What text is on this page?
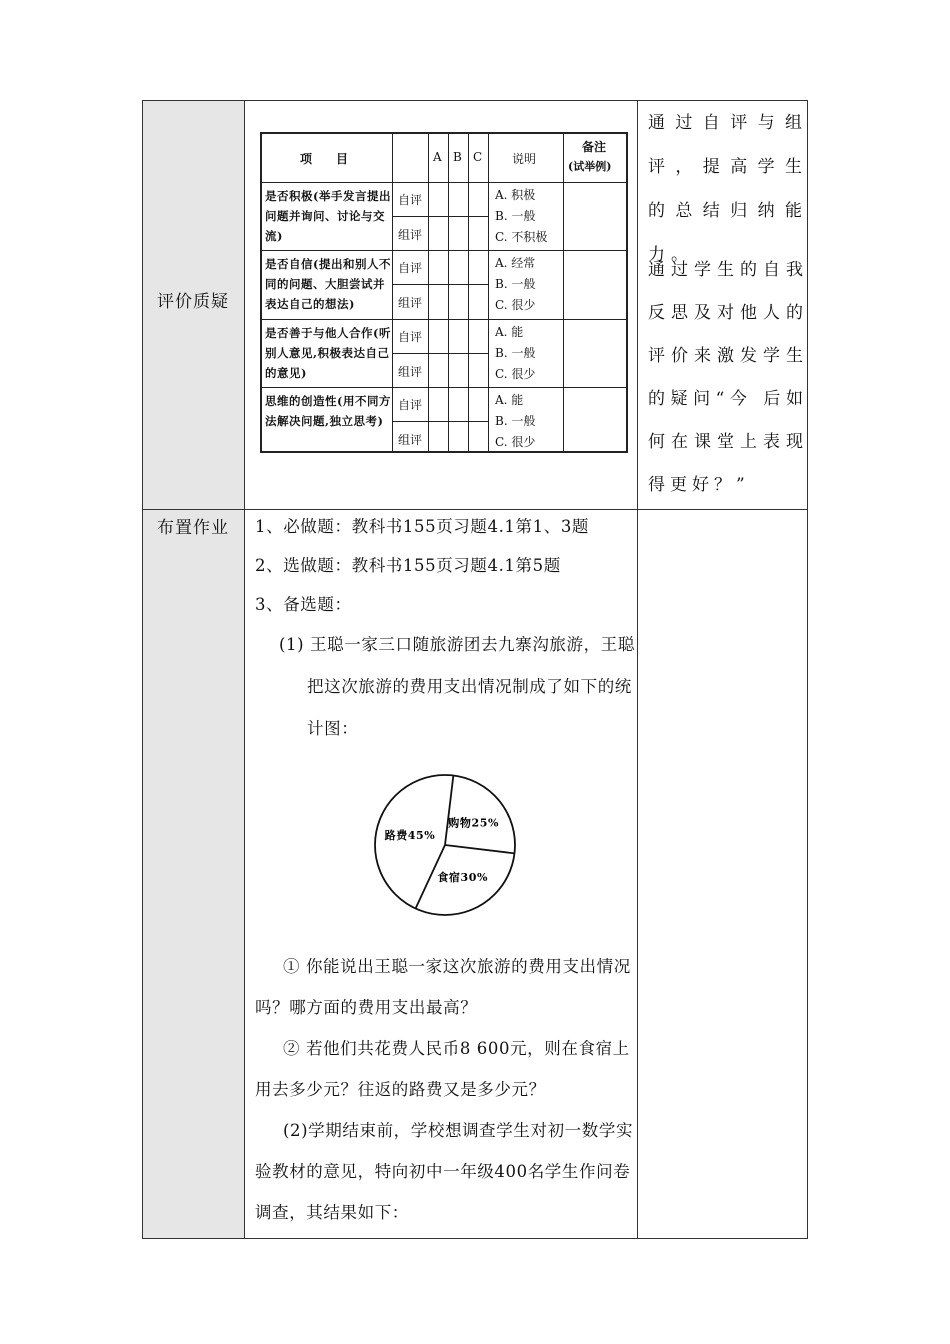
评价质疑
布置作业
项　　目	A B C 说明
备注
(试举例)
是否积极(举手发言提出问题并询问、讨论与交流)
自评
组评
A. 积极
B. 一般
C. 不积极
是否自信(提出和别人不同的问题、大胆尝试并表达自己的想法)
自评
组评
A. 经常
B. 一般
C. 很少
是否善于与他人合作(听别人意见,积极表达自己的意见)
自评
组评
A. 能
B. 一般
C. 很少
思维的创造性(用不同方法解决问题,独立思考)
自评
组评
A. 能
B. 一般
C. 很少
通过自评与组评，提高学生的总结归纳能力。
通过学生的自我反思及对他人的评价来激发学生的疑问“今 后如何在课堂上表现得更好？”

1、必做题：教科书155页习题4.1第1、3题

2、选做题：教科书155页习题4.1第5题

3、备选题：

(1) 王聪一家三口随旅游团去九寨沟旅游，王聪把这次旅游的费用支出情况制成了如下的统计图：

购物25%
食宿30%
路费45%

① 你能说出王聪一家这次旅游的费用支出情况吗？哪方面的费用支出最高？

② 若他们共花费人民币8 600元，则在食宿上用去多少元？往返的路费又是多少元？

(2)学期结束前，学校想调查学生对初一数学实验教材的意见，特向初中一年级400名学生作问卷调查，其结果如下：
